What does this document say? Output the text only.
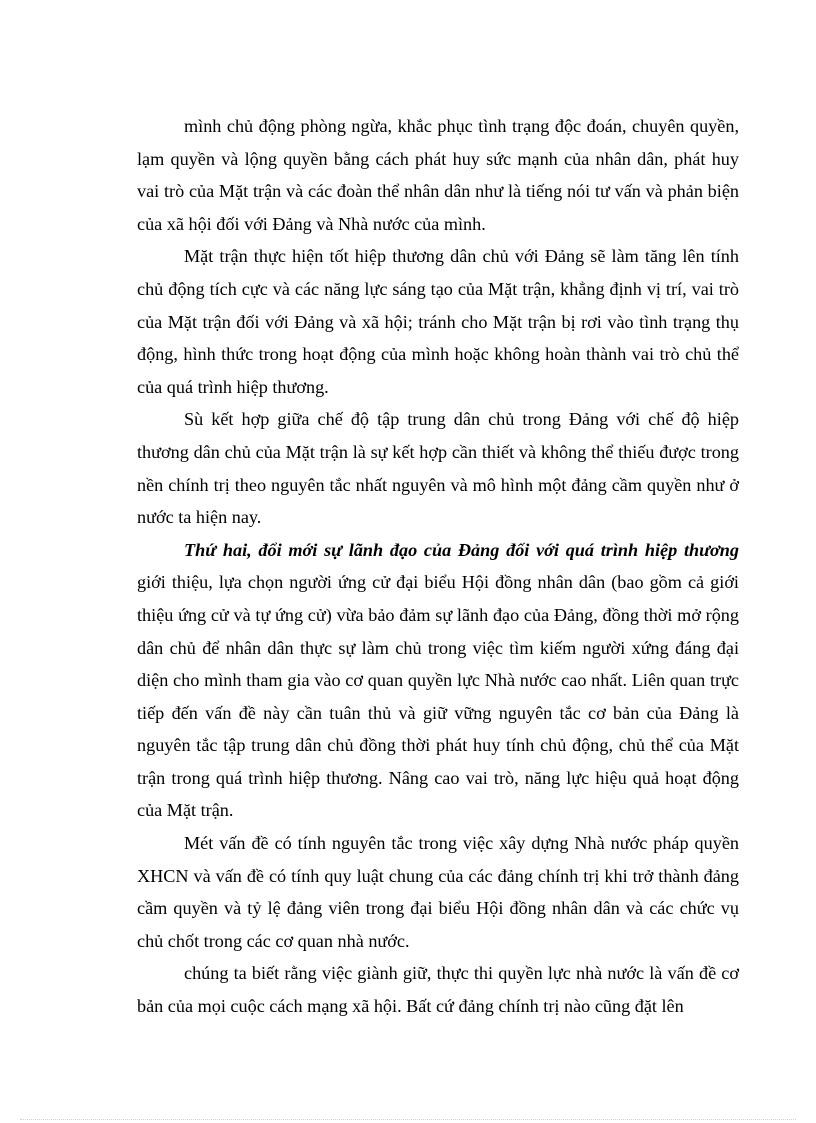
mình chủ động phòng ngừa, khắc phục tình trạng độc đoán, chuyên quyền, lạm quyền và lộng quyền bằng cách phát huy sức mạnh của nhân dân, phát huy vai trò của Mặt trận và các đoàn thể nhân dân như là tiếng nói tư vấn và phản biện của xã hội đối với Đảng và Nhà nước của mình.

Mặt trận thực hiện tốt hiệp thương dân chủ với Đảng sẽ làm tăng lên tính chủ động tích cực và các năng lực sáng tạo của Mặt trận, khẳng định vị trí, vai trò của Mặt trận đối với Đảng và xã hội; tránh cho Mặt trận bị rơi vào tình trạng thụ động, hình thức trong hoạt động của mình hoặc không hoàn thành vai trò chủ thể của quá trình hiệp thương.

Sù kết hợp giữa chế độ tập trung dân chủ trong Đảng với chế độ hiệp thương dân chủ của Mặt trận là sự kết hợp cần thiết và không thể thiếu được trong nền chính trị theo nguyên tắc nhất nguyên và mô hình một đảng cầm quyền như ở nước ta hiện nay.

Thứ hai, đổi mới sự lãnh đạo của Đảng đối với quá trình hiệp thương giới thiệu, lựa chọn người ứng cử đại biểu Hội đồng nhân dân (bao gồm cả giới thiệu ứng cử và tự ứng cử) vừa bảo đảm sự lãnh đạo của Đảng, đồng thời mở rộng dân chủ để nhân dân thực sự làm chủ trong việc tìm kiếm người xứng đáng đại diện cho mình tham gia vào cơ quan quyền lực Nhà nước cao nhất. Liên quan trực tiếp đến vấn đề này cần tuân thủ và giữ vững nguyên tắc cơ bản của Đảng là nguyên tắc tập trung dân chủ đồng thời phát huy tính chủ động, chủ thể của Mặt trận trong quá trình hiệp thương. Nâng cao vai trò, năng lực hiệu quả hoạt động của Mặt trận.

Mét vấn đề có tính nguyên tắc trong việc xây dựng Nhà nước pháp quyền XHCN và vấn đề có tính quy luật chung của các đảng chính trị khi trở thành đảng cầm quyền và tỷ lệ đảng viên trong đại biểu Hội đồng nhân dân và các chức vụ chủ chốt trong các cơ quan nhà nước.

chúng ta biết rằng việc giành giữ, thực thi quyền lực nhà nước là vấn đề cơ bản của mọi cuộc cách mạng xã hội. Bất cứ đảng chính trị nào cũng đặt lên
